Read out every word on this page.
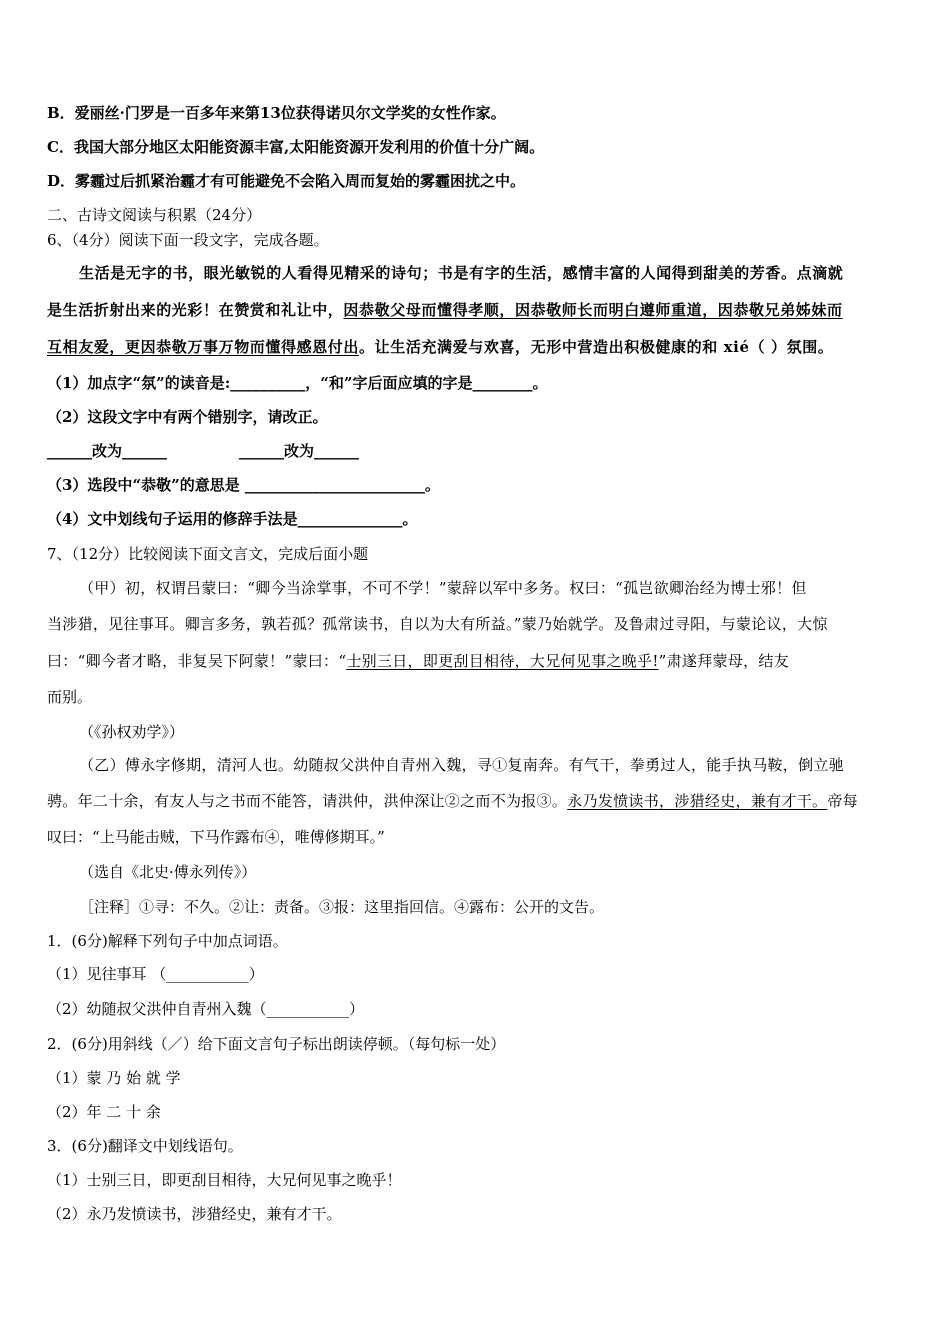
B．爱丽丝·门罗是一百多年来第13位获得诺贝尔文学奖的女性作家。
C．我国大部分地区太阳能资源丰富,太阳能资源开发利用的价值十分广阔。
D．雾霾过后抓紧治霾才有可能避免不会陷入周而复始的雾霾困扰之中。
二、古诗文阅读与积累（24分）
6、（4分）阅读下面一段文字，完成各题。
生活是无字的书，眼光敏锐的人看得见精采的诗句；书是有字的生活，感情丰富的人闻得到甜美的芳香。点滴就
是生活折射出来的光彩！在赞赏和礼让中，因恭敬父母而懂得孝顺，因恭敬师长而明白遵师重道，因恭敬兄弟姊妹而
互相友爱，更因恭敬万事万物而懂得感恩付出。让生活充满爱与欢喜，无形中营造出积极健康的和 xié（ ）氛围。
（1）加点字“氛”的读音是:__________，“和”字后面应填的字是________。
（2）这段文字中有两个错别字，请改正。
______改为______	______改为______
（3）选段中“恭敬”的意思是 ________________________。
（4）文中划线句子运用的修辞手法是______________。
7、（12分）比较阅读下面文言文，完成后面小题
（甲）初，权谓吕蒙曰：“卿今当涂掌事，不可不学！”蒙辞以军中多务。权曰：“孤岂欲卿治经为博士邪！但
当涉猎，见往事耳。卿言多务，孰若孤？孤常读书，自以为大有所益。”蒙乃始就学。及鲁肃过寻阳，与蒙论议，大惊
曰：“卿今者才略，非复吴下阿蒙！”蒙曰：“士别三日，即更刮目相待，大兄何见事之晚乎!”肃遂拜蒙母，结友
而别。
（《孙权劝学》）
（乙）傅永字修期，清河人也。幼随叔父洪仲自青州入魏，寻①复南奔。有气干，拳勇过人，能手执马鞍，倒立驰
骋。年二十余，有友人与之书而不能答，请洪仲，洪仲深让②之而不为报③。永乃发愤读书，涉猎经史，兼有才干。帝每
叹曰：“上马能击贼，下马作露布④，唯傅修期耳。”
（选自《北史·傅永列传》）
［注释］①寻：不久。②让：责备。③报：这里指回信。④露布：公开的文告。
1．(6分)解释下列句子中加点词语。
（1）见往事耳 （___________）
（2）幼随叔父洪仲自青州入魏（___________）
2．(6分)用斜线（／）给下面文言句子标出朗读停顿。（每句标一处）
（1）蒙 乃 始 就 学
（2）年 二 十 余
3．(6分)翻译文中划线语句。
（1）士别三日，即更刮目相待，大兄何见事之晚乎！
（2）永乃发愤读书，涉猎经史，兼有才干。
